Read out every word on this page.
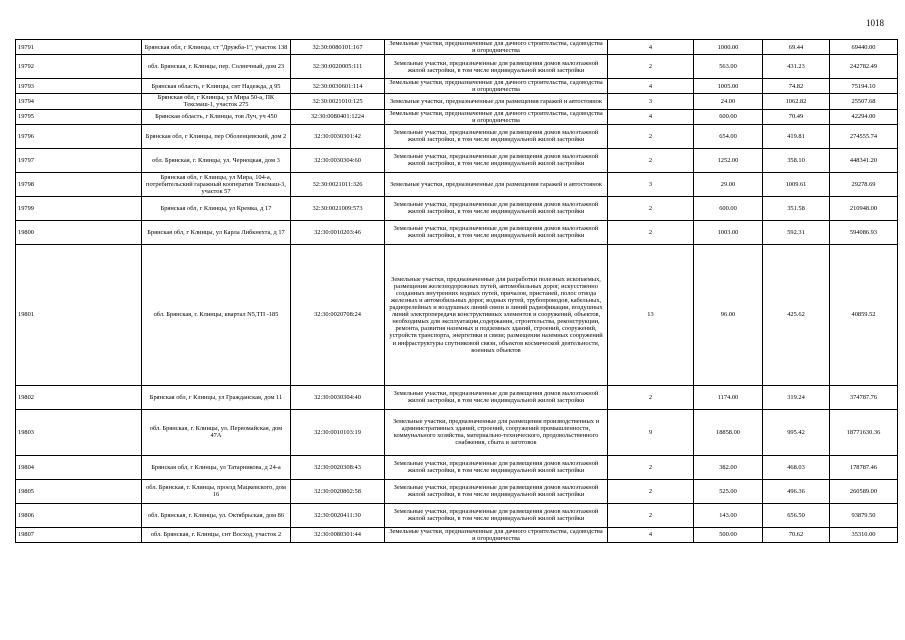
1018
19791	Брянская обл, г Клинцы, ст "Дружба-1", участок 138	32:30:0080101:167	Земельные участки, предназначенные для дачного строительства, садоводства и огородничества	4	1000.00	69.44	69440.00
19792	обл. Брянская, г. Клинцы, пер. Солнечный, дом 23	32:30:0020005:111	Земельные участки, предназначенные для размещения домов малоэтажной жилой застройки, в том числе индивидуальной жилой застройки	2	563.00	431.23	242782.49
19793	Брянская область, г Клинцы, снт Надежда, д 95	32:30:0030601:114	Земельные участки, предназначенные для дачного строительства, садоводства и огородничества	4	1005.00	74.82	75194.10
19794	Брянская обл, г Клинцы, ул Мира 50-а, ПК Тексмаш-1, участок 275	32:30:0021010:125	Земельные участки, предназначенные для размещения гаражей и автостоянок	3	24.00	1062.82	25507.68
19795	Брянская область, г Клинцы, тов Луч, уч 450	32:30:0080401:1224	Земельные участки, предназначенные для дачного строительства, садоводства и огородничества	4	600.00	70.49	42294.00
19796	Брянская обл, г Клинцы, пер Оболенцевский, дом 2	32:30:0030301:42	Земельные участки, предназначенные для размещения домов малоэтажной жилой застройки, в том числе индивидуальной жилой застройки	2	654.00	419.81	274555.74
19797	обл. Брянская, г. Клинцы, ул. Черноцкая, дом 3	32:30:0030304:60	Земельные участки, предназначенные для размещения домов малоэтажной жилой застройки, в том числе индивидуальной жилой застройки	2	1252.00	358.10	448341.20
19798	Брянская обл, г Клинцы, ул Мира, 104-а, потребительский гаражный кооператив Тексмаш-3, участок 57	32:30:0021011:326	Земельные участки, предназначенные для размещения гаражей и автостоянок	3	29.00	1009.61	29278.69
19799	Брянская обл, г Клинцы, ул Кремка, д 17	32:30:0021009:573	Земельные участки, предназначенные для размещения домов малоэтажной жилой застройки, в том числе индивидуальной жилой застройки	2	600.00	351.58	210948.00
19800	Брянская обл, г Клинцы, ул Карла Либкнехта, д 17	32:30:0010203:46	Земельные участки, предназначенные для размещения домов малоэтажной жилой застройки, в том числе индивидуальной жилой застройки	2	1003.00	592.31	594086.93
19801	обл. Брянская, г. Клинцы, квартал N5,ТП -185	32:30:0020708:24	Земельные участки, предназначенные для разработки полезных ископаемых, размещения железнодорожных путей, автомобильных дорог, искусственно созданных внутренних водных путей, причалов, пристаней, полос отвода железных и автомобильных дорог, водных путей, трубопроводов, кабельных, радиорелейных и воздушных линий связи и линий радиофикации, воздушных линий электропередачи конструктивных элементов и сооружений, объектов, необходимых для эксплуатации,содержания, строительства, реконструкции, ремонта, развития наземных и подземных зданий, строений, сооружений, устройств транспорта, энергетики и связи; размещения наземных сооружений и инфраструктуры спутниковой связи, объектов космической деятельности, военных объектов	13	96.00	425.62	40859.52
19802	Брянская обл, г Клинцы, ул Гражданская, дом 11	32:30:0030304:40	Земельные участки, предназначенные для размещения домов малоэтажной жилой застройки, в том числе индивидуальной жилой застройки	2	1174.00	319.24	374787.76
19803	обл. Брянская, г. Клинцы, ул. Первомайская, дом 47А	32:30:0010103:19	Земельные участки, предназначенные для размещения производственных и административных зданий, строений, сооружений промышленности, коммунального хозяйства, материально-технического, продовольственного снабжения, сбыта и заготовок	9	18858.00	995.42	18771630.36
19804	Брянская обл, г Клинцы, ул Татарникова, д 24-а	32:30:0020308:43	Земельные участки, предназначенные для размещения домов малоэтажной жилой застройки, в том числе индивидуальной жилой застройки	2	382.00	468.03	178787.46
19805	обл. Брянская, г. Клинцы, проезд Мацкевского, дом 16	32:30:0020802:58	Земельные участки, предназначенные для размещения домов малоэтажной жилой застройки, в том числе индивидуальной жилой застройки	2	525.00	496.36	260589.00
19806	обл. Брянская, г. Клинцы, ул. Октябрьская, дом 86	32:30:0020411:30	Земельные участки, предназначенные для размещения домов малоэтажной жилой застройки, в том числе индивидуальной жилой застройки	2	143.00	656.50	93879.50
19807	обл. Брянская, г. Клинцы, снт Восход, участок 2	32:30:0080301:44	Земельные участки, предназначенные для дачного строительства, садоводства и огородничества	4	500.00	70.62	35310.00
